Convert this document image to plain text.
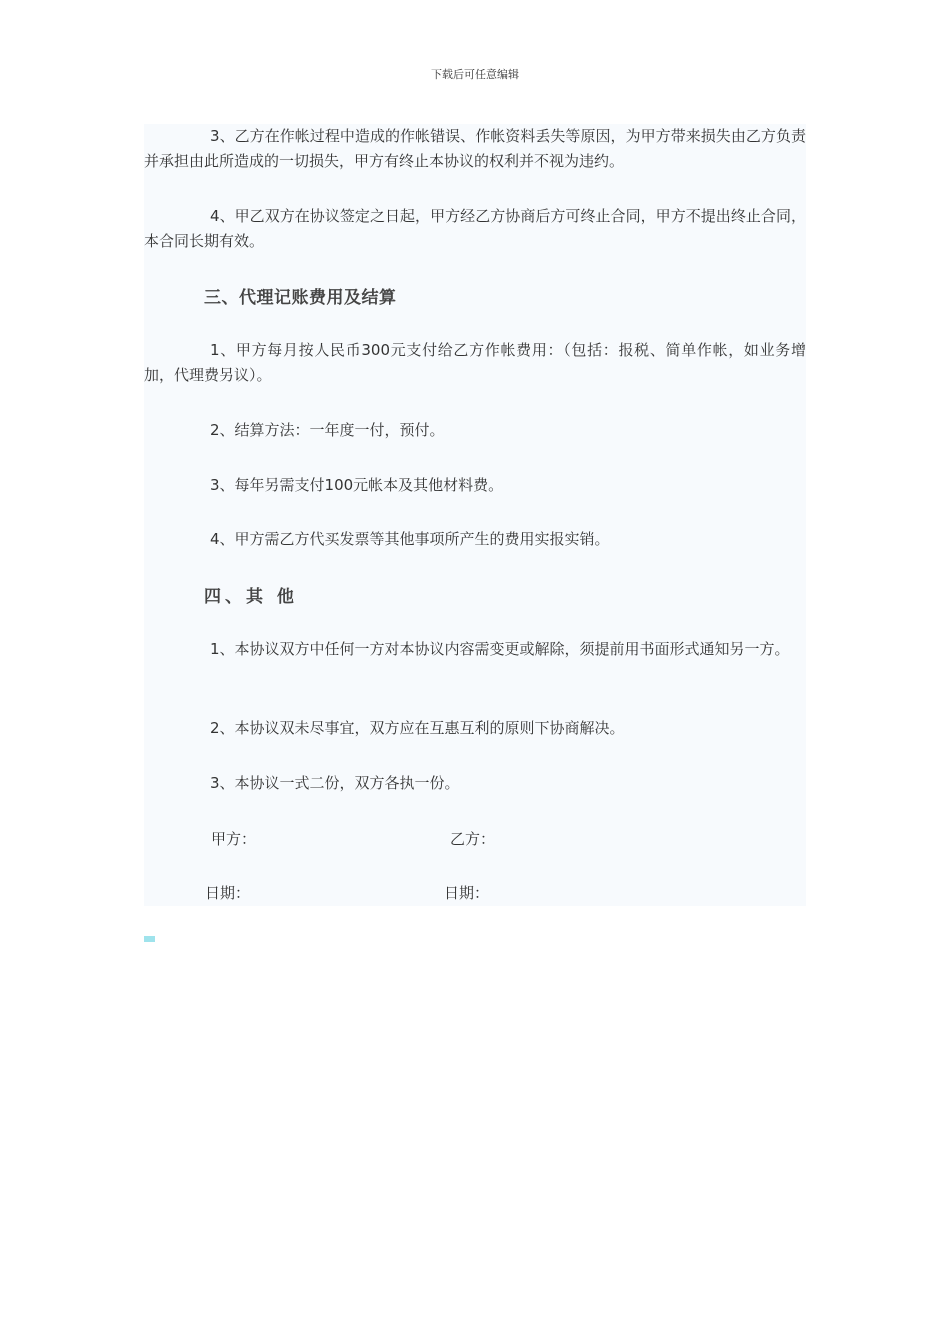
下载后可任意编辑

3、乙方在作帐过程中造成的作帐错误、作帐资料丢失等原因，为甲方带来损失由乙方负责并承担由此所造成的一切损失，甲方有终止本协议的权利并不视为违约。

4、甲乙双方在协议签定之日起，甲方经乙方协商后方可终止合同，甲方不提出终止合同，本合同长期有效。

三、代理记账费用及结算

1、甲方每月按人民币300元支付给乙方作帐费用：（包括：报税、简单作帐，如业务增加，代理费另议）。

2、结算方法：一年度一付，预付。

3、每年另需支付100元帐本及其他材料费。

4、甲方需乙方代买发票等其他事项所产生的费用实报实销。

四、其 他

1、本协议双方中任何一方对本协议内容需变更或解除，须提前用书面形式通知另一方。

2、本协议双未尽事宜，双方应在互惠互利的原则下协商解决。

3、本协议一式二份，双方各执一份。

甲方：	乙方：
日期：	日期：
